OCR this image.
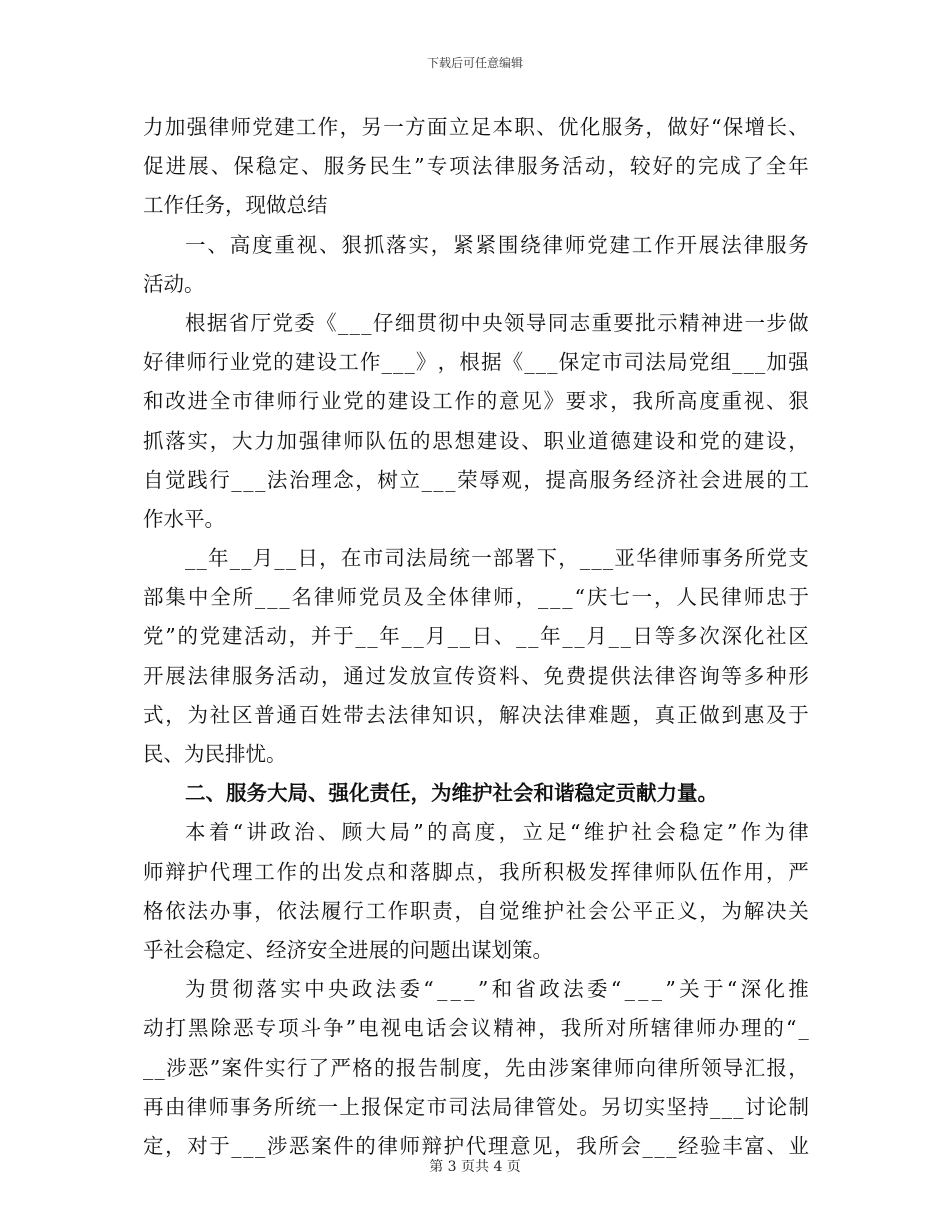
下载后可任意编辑
力 加 强 律 师 党 建 工 作 ， 另 一 方 面 立 足 本 职 、 优 化 服 务 ， 做 好 “ 保 增 长 、
促 进 展 、 保 稳 定 、 服 务 民 生 ” 专 项 法 律 服 务 活 动 ， 较 好 的 完 成 了 全 年
工作任务，现做总结
一 、 高 度 重 视 、 狠 抓 落 实 ， 紧 紧 围 绕 律 师 党 建 工 作 开 展 法 律 服 务
活动。
根 据 省 厅 党 委 《 _ _ _ 仔 细 贯 彻 中 央 领 导 同 志 重 要 批 示 精 神 进 一 步 做
好 律 师 行 业 党 的 建 设 工 作 _ _ _ 》 ， 根 据 《 _ _ _ 保 定 市 司 法 局 党 组 _ _ _ 加 强
和 改 进 全 市 律 师 行 业 党 的 建 设 工 作 的 意 见 》 要 求 ， 我 所 高 度 重 视 、 狠
抓 落 实 ， 大 力 加 强 律 师 队 伍 的 思 想 建 设 、 职 业 道 德 建 设 和 党 的 建 设 ，
自 觉 践 行 _ _ _ 法 治 理 念 ， 树 立 _ _ _ 荣 辱 观 ， 提 高 服 务 经 济 社 会 进 展 的 工
作水平。
_ _ 年 _ _ 月 _ _ 日 ， 在 市 司 法 局 统 一 部 署 下 ， _ _ _ 亚 华 律 师 事 务 所 党 支
部 集 中 全 所 _ _ _ 名 律 师 党 员 及 全 体 律 师 ， _ _ _ “ 庆 七 一 ， 人 民 律 师 忠 于
党 ” 的 党 建 活 动 ， 并 于 _ _ 年 _ _ 月 _ _ 日 、 _ _ 年 _ _ 月 _ _ 日 等 多 次 深 化 社 区
开 展 法 律 服 务 活 动 ， 通 过 发 放 宣 传 资 料 、 免 费 提 供 法 律 咨 询 等 多 种 形
式 ， 为 社 区 普 通 百 姓 带 去 法 律 知 识 ， 解 决 法 律 难 题 ， 真 正 做 到 惠 及 于
民、为民排忧。
二、服务大局、强化责任，为维护社会和谐稳定贡献力量。
本 着 “ 讲 政 治 、 顾 大 局 ” 的 高 度 ， 立 足 “ 维 护 社 会 稳 定 ” 作 为 律
师 辩 护 代 理 工 作 的 出 发 点 和 落 脚 点 ， 我 所 积 极 发 挥 律 师 队 伍 作 用 ， 严
格 依 法 办 事 ， 依 法 履 行 工 作 职 责 ， 自 觉 维 护 社 会 公 平 正 义 ， 为 解 决 关
乎社会稳定、经济安全进展的问题出谋划策。
为 贯 彻 落 实 中 央 政 法 委 “ _ _ _ ” 和 省 政 法 委 “ _ _ _ ” 关 于 “ 深 化 推
动 打 黑 除 恶 专 项 斗 争 ” 电 视 电 话 会 议 精 神 ， 我 所 对 所 辖 律 师 办 理 的 “ _
_ _ 涉 恶 ” 案 件 实 行 了 严 格 的 报 告 制 度 ， 先 由 涉 案 律 师 向 律 所 领 导 汇 报 ，
再 由 律 师 事 务 所 统 一 上 报 保 定 市 司 法 局 律 管 处 。 另 切 实 坚 持 _ _ _ 讨 论 制
定 ， 对 于 _ _ _ 涉 恶 案 件 的 律 师 辩 护 代 理 意 见 ， 我 所 会 _ _ _ 经 验 丰 富 、 业
第 3 页共 4 页
